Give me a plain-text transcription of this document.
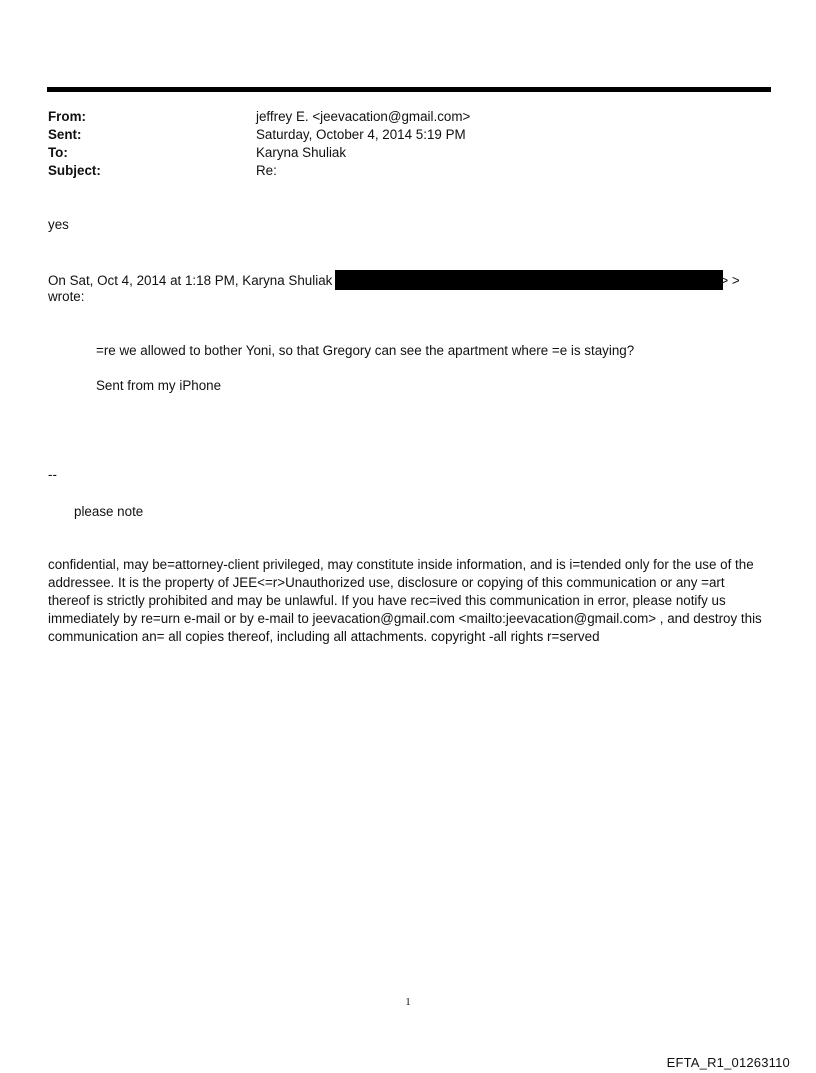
From:	jeffrey E. <jeevacation@gmail.com>
Sent:	Saturday, October 4, 2014 5:19 PM
To:	Karyna Shuliak
Subject:	Re:
yes
On Sat, Oct 4, 2014 at 1:18 PM, Karyna Shuliak	> >
wrote:
=re we allowed to bother Yoni, so that Gregory can see the apartment where =e is staying?
Sent from my iPhone
--
please note
confidential, may be=attorney-client privileged, may constitute inside information, and is i=tended only for the use of the addressee. It is the property of JEE<=r>Unauthorized use, disclosure or copying of this communication or any =art thereof is strictly prohibited and may be unlawful. If you have rec=ived this communication in error, please notify us immediately by re=urn e-mail or by e-mail to jeevacation@gmail.com <mailto:jeevacation@gmail.com> , and destroy this communication an= all copies thereof, including all attachments. copyright -all rights r=served
1
EFTA_R1_01263110
